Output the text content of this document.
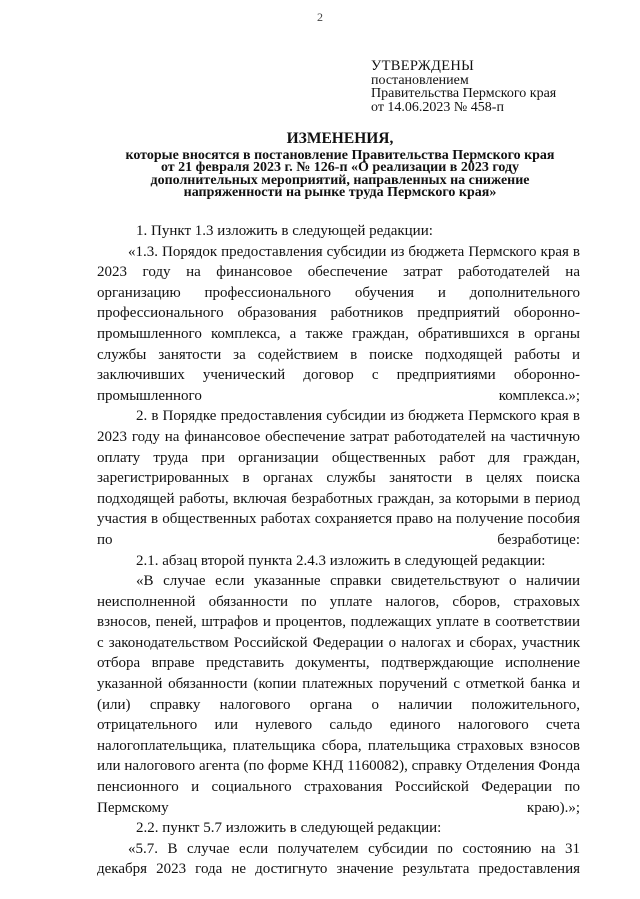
2
УТВЕРЖДЕНЫ
постановлением
Правительства Пермского края
от 14.06.2023 № 458-п
ИЗМЕНЕНИЯ,
которые вносятся в постановление Правительства Пермского края
от 21 февраля 2023 г. № 126-п «О реализации в 2023 году
дополнительных мероприятий, направленных на снижение
напряженности на рынке труда Пермского края»

1. Пункт 1.3 изложить в следующей редакции:

«1.3. Порядок предоставления субсидии из бюджета Пермского края в 2023 году на финансовое обеспечение затрат работодателей на организацию профессионального обучения и дополнительного профессионального образования работников предприятий оборонно-промышленного комплекса, а также граждан, обратившихся в органы службы занятости за содействием в поиске подходящей работы и заключивших ученический договор с предприятиями оборонно-промышленного комплекса.»;

2. в Порядке предоставления субсидии из бюджета Пермского края в 2023 году на финансовое обеспечение затрат работодателей на частичную оплату труда при организации общественных работ для граждан, зарегистрированных в органах службы занятости в целях поиска подходящей работы, включая безработных граждан, за которыми в период участия в общественных работах сохраняется право на получение пособия по безработице:

2.1. абзац второй пункта 2.4.3 изложить в следующей редакции:

«В случае если указанные справки свидетельствуют о наличии неисполненной обязанности по уплате налогов, сборов, страховых взносов, пеней, штрафов и процентов, подлежащих уплате в соответствии с законодательством Российской Федерации о налогах и сборах, участник отбора вправе представить документы, подтверждающие исполнение указанной обязанности (копии платежных поручений с отметкой банка и (или) справку налогового органа о наличии положительного, отрицательного или нулевого сальдо единого налогового счета налогоплательщика, плательщика сбора, плательщика страховых взносов или налогового агента (по форме КНД 1160082), справку Отделения Фонда пенсионного и социального страхования Российской Федерации по Пермскому краю).»;

2.2. пункт 5.7 изложить в следующей редакции:

«5.7. В случае если получателем субсидии по состоянию на 31 декабря 2023 года не достигнуто значение результата предоставления
